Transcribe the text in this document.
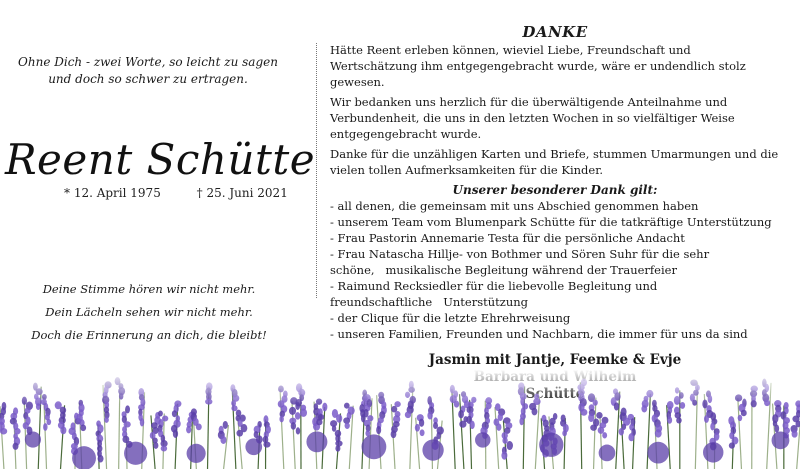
Ohne Dich - zwei Worte, so leicht zu sagen
und doch so schwer zu ertragen.
Reent Schütte
* 12. April 1975	† 25. Juni 2021
Deine Stimme hören wir nicht mehr.
Dein Lächeln sehen wir nicht mehr.
Doch die Erinnerung an dich, die bleibt!
DANKE

Hätte Reent erleben können, wieviel Liebe, Freundschaft und Wertschätzung ihm entgegengebracht wurde, wäre er undendlich stolz gewesen.

Wir bedanken uns herzlich für die überwältigende Anteilnahme und Verbundenheit, die uns in den letzten Wochen in so vielfältiger Weise entgegengebracht wurde.

Danke für die unzähligen Karten und Briefe, stummen Umarmungen und die vielen tollen Aufmerksamkeiten für die Kinder.

Unserer besonderer Dank gilt:
- all denen, die gemeinsam mit uns Abschied genommen haben
- unserem Team vom Blumenpark Schütte für die tatkräftige Unterstützung
- Frau Pastorin Annemarie Testa für die persönliche Andacht
- Frau Natascha Hillje- von Bothmer und Sören Suhr für die sehr schöne,   musikalische Begleitung während der Trauerfeier
- Raimund Recksiedler für die liebevolle Begleitung und freundschaftliche   Unterstützung
- der Clique für die letzte Ehrehrweisung
- unseren Familien, Freunden und Nachbarn, die immer für uns da sind
Jasmin mit Jantje, Feemke & Evje
